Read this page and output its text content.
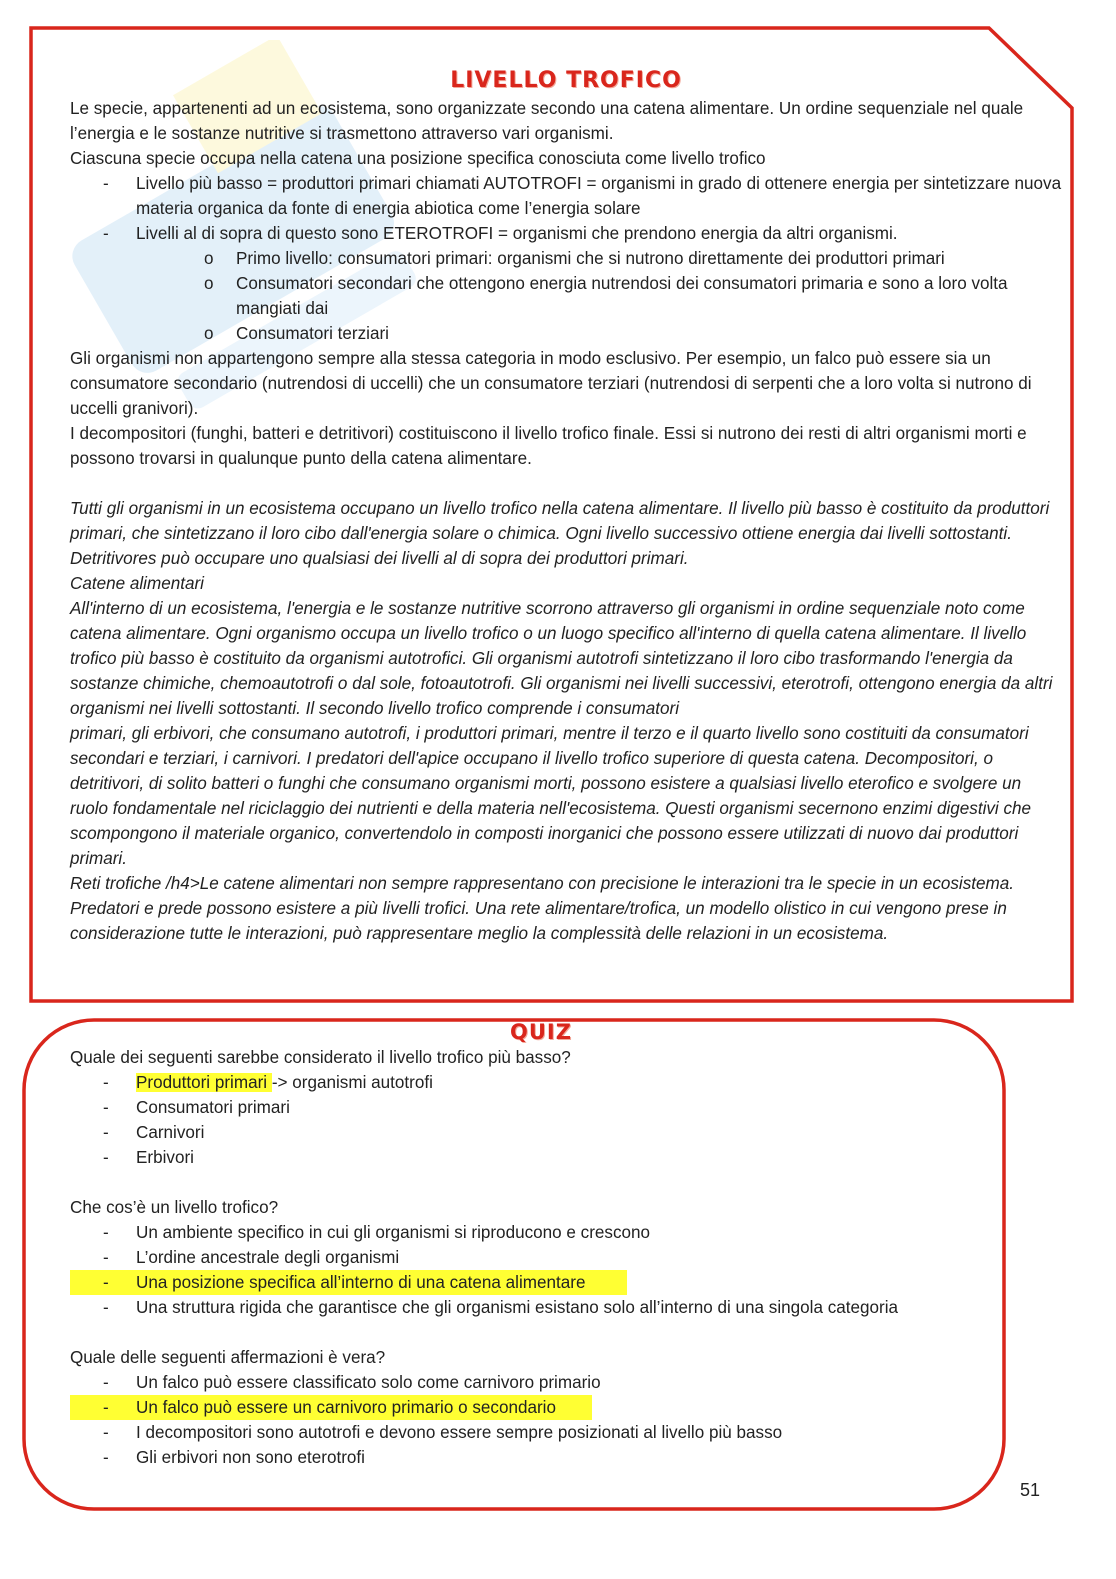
LIVELLO TROFICO

Le specie, appartenenti ad un ecosistema, sono organizzate secondo una catena alimentare. Un ordine sequenziale nel quale l’energia e le sostanze nutritive si trasmettono attraverso vari organismi.

Ciascuna specie occupa nella catena una posizione specifica conosciuta come livello trofico

- Livello più basso = produttori primari chiamati AUTOTROFI = organismi in grado di ottenere energia per sintetizzare nuova materia organica da fonte di energia abiotica come l’energia solare
- Livelli al di sopra di questo sono ETEROTROFI = organismi che prendono energia da altri organismi.
o Primo livello: consumatori primari: organismi che si nutrono direttamente dei produttori primari
o Consumatori secondari che ottengono energia nutrendosi dei consumatori primaria e sono a loro volta mangiati dai
o Consumatori terziari

Gli organismi non appartengono sempre alla stessa categoria in modo esclusivo. Per esempio, un falco può essere sia un consumatore secondario (nutrendosi di uccelli) che un consumatore terziari (nutrendosi di serpenti che a loro volta si nutrono di uccelli granivori).

I decompositori (funghi, batteri e detritivori) costituiscono il livello trofico finale. Essi si nutrono dei resti di altri organismi morti e possono trovarsi in qualunque punto della catena alimentare.

Tutti gli organismi in un ecosistema occupano un livello trofico nella catena alimentare. Il livello più basso è costituito da produttori primari, che sintetizzano il loro cibo dall'energia solare o chimica. Ogni livello successivo ottiene energia dai livelli sottostanti. Detritivores può occupare uno qualsiasi dei livelli al di sopra dei produttori primari.

Catene alimentari

All'interno di un ecosistema, l'energia e le sostanze nutritive scorrono attraverso gli organismi in ordine sequenziale noto come catena alimentare. Ogni organismo occupa un livello trofico o un luogo specifico all'interno di quella catena alimentare. Il livello trofico più basso è costituito da organismi autotrofici. Gli organismi autotrofi sintetizzano il loro cibo trasformando l'energia da sostanze chimiche, chemoautotrofi o dal sole, fotoautotrofi. Gli organismi nei livelli successivi, eterotrofi, ottengono energia da altri organismi nei livelli sottostanti. Il secondo livello trofico comprende i consumatori

primari, gli erbivori, che consumano autotrofi, i produttori primari, mentre il terzo e il quarto livello sono costituiti da consumatori secondari e terziari, i carnivori. I predatori dell'apice occupano il livello trofico superiore di questa catena. Decompositori, o detritivori, di solito batteri o funghi che consumano organismi morti, possono esistere a qualsiasi livello eterofico e svolgere un ruolo fondamentale nel riciclaggio dei nutrienti e della materia nell'ecosistema. Questi organismi secernono enzimi digestivi che scompongono il materiale organico, convertendolo in composti inorganici che possono essere utilizzati di nuovo dai produttori primari.

Reti trofiche /h4>Le catene alimentari non sempre rappresentano con precisione le interazioni tra le specie in un ecosistema. Predatori e prede possono esistere a più livelli trofici. Una rete alimentare/trofica, un modello olistico in cui vengono prese in considerazione tutte le interazioni, può rappresentare meglio la complessità delle relazioni in un ecosistema.

QUIZ

Quale dei seguenti sarebbe considerato il livello trofico più basso?

- Produttori primari -> organismi autotrofi
- Consumatori primari
- Carnivori
- Erbivori

Che cos’è un livello trofico?

- Un ambiente specifico in cui gli organismi si riproducono e crescono
- L’ordine ancestrale degli organismi
- Una posizione specifica all’interno di una catena alimentare
- Una struttura rigida che garantisce che gli organismi esistano solo all’interno di una singola categoria

Quale delle seguenti affermazioni è vera?

- Un falco può essere classificato solo come carnivoro primario
- Un falco può essere un carnivoro primario o secondario
- I decompositori sono autotrofi e devono essere sempre posizionati al livello più basso
- Gli erbivori non sono eterotrofi
51
